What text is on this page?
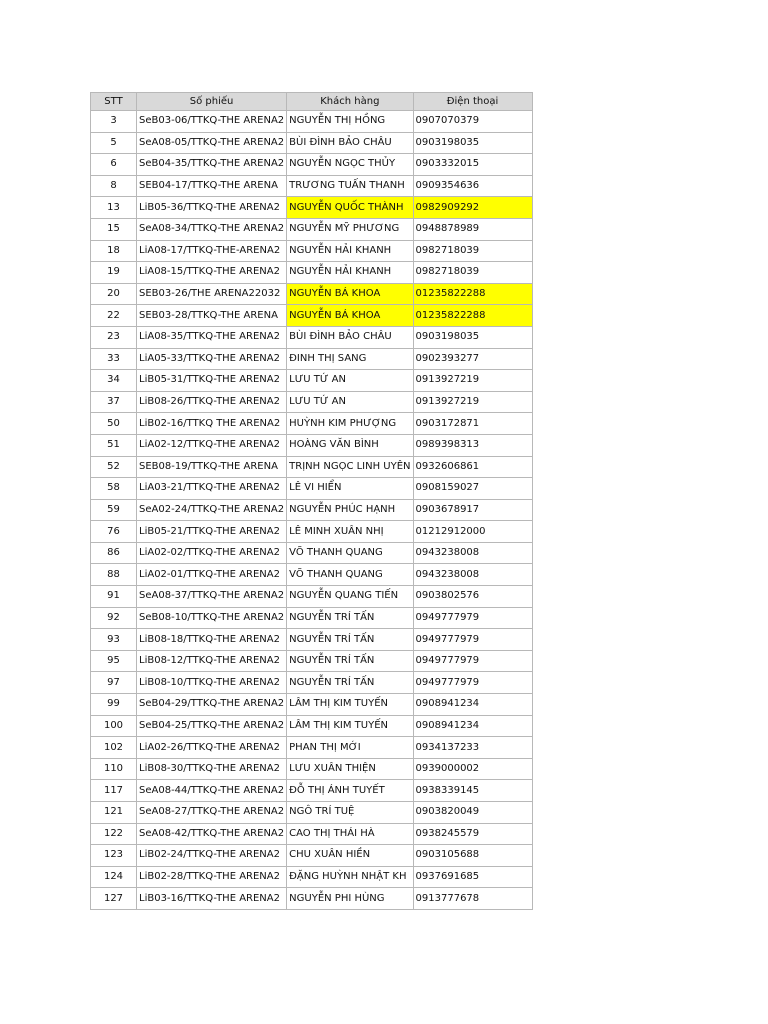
STT	Số phiếu	Khách hàng	Điện thoại
3	SeB03-06/TTKQ-THE ARENA2	NGUYỄN THỊ HỒNG	0907070379
5	SeA08-05/TTKQ-THE ARENA2	BÙI ĐÌNH BẢO CHÂU	0903198035
6	SeB04-35/TTKQ-THE ARENA2	NGUYỄN NGỌC THỦY	0903332015
8	SEB04-17/TTKQ-THE ARENA	TRƯƠNG TUẤN THANH	0909354636
13	LiB05-36/TTKQ-THE ARENA2	NGUYỄN QUỐC THÀNH	0982909292
15	SeA08-34/TTKQ-THE ARENA2	NGUYỄN MỸ PHƯƠNG	0948878989
18	LiA08-17/TTKQ-THE-ARENA2	NGUYỄN HẢI KHANH	0982718039
19	LiA08-15/TTKQ-THE ARENA2	NGUYỄN HẢI KHANH	0982718039
20	SEB03-26/THE ARENA22032	NGUYỄN BÁ KHOA	01235822288
22	SEB03-28/TTKQ-THE ARENA	NGUYỄN BÁ KHOA	01235822288
23	LiA08-35/TTKQ-THE ARENA2	BÙI ĐÌNH BẢO CHÂU	0903198035
33	LiA05-33/TTKQ-THE ARENA2	ĐINH THỊ SANG	0902393277
34	LiB05-31/TTKQ-THE ARENA2	LƯU TỨ AN	0913927219
37	LiB08-26/TTKQ-THE ARENA2	LƯU TỨ AN	0913927219
50	LiB02-16/TTKQ THE ARENA2	HUỲNH KIM PHƯỢNG	0903172871
51	LiA02-12/TTKQ-THE ARENA2	HOÀNG VĂN BÌNH	0989398313
52	SEB08-19/TTKQ-THE ARENA	TRỊNH NGỌC LINH UYÊN	0932606861
58	LiA03-21/TTKQ-THE ARENA2	LÊ VI HIỂN	0908159027
59	SeA02-24/TTKQ-THE ARENA2	NGUYỄN PHÚC HẠNH	0903678917
76	LiB05-21/TTKQ-THE ARENA2	LÊ MINH XUÂN NHỊ	01212912000
86	LiA02-02/TTKQ-THE ARENA2	VÕ THANH QUANG	0943238008
88	LiA02-01/TTKQ-THE ARENA2	VÕ THANH QUANG	0943238008
91	SeA08-37/TTKQ-THE ARENA2	NGUYỄN QUANG TIẾN	0903802576
92	SeB08-10/TTKQ-THE ARENA2	NGUYỄN TRÍ TẤN	0949777979
93	LiB08-18/TTKQ-THE ARENA2	NGUYỄN TRÍ TẤN	0949777979
95	LiB08-12/TTKQ-THE ARENA2	NGUYỄN TRÍ TẤN	0949777979
97	LiB08-10/TTKQ-THE ARENA2	NGUYỄN TRÍ TẤN	0949777979
99	SeB04-29/TTKQ-THE ARENA2	LÂM THỊ KIM TUYẾN	0908941234
100	SeB04-25/TTKQ-THE ARENA2	LÂM THỊ KIM TUYẾN	0908941234
102	LiA02-26/TTKQ-THE ARENA2	PHAN THỊ MỚI	0934137233
110	LiB08-30/TTKQ-THE ARENA2	LƯU XUÂN THIỆN	0939000002
117	SeA08-44/TTKQ-THE ARENA2	ĐỖ THỊ ÁNH TUYẾT	0938339145
121	SeA08-27/TTKQ-THE ARENA2	NGÔ TRÍ TUỆ	0903820049
122	SeA08-42/TTKQ-THE ARENA2	CAO THỊ THÁI HÀ	0938245579
123	LiB02-24/TTKQ-THE ARENA2	CHU XUÂN HIỀN	0903105688
124	LiB02-28/TTKQ-THE ARENA2	ĐẶNG HUỲNH NHẬT KH	0937691685
127	LiB03-16/TTKQ-THE ARENA2	NGUYỄN PHI HÙNG	0913777678
